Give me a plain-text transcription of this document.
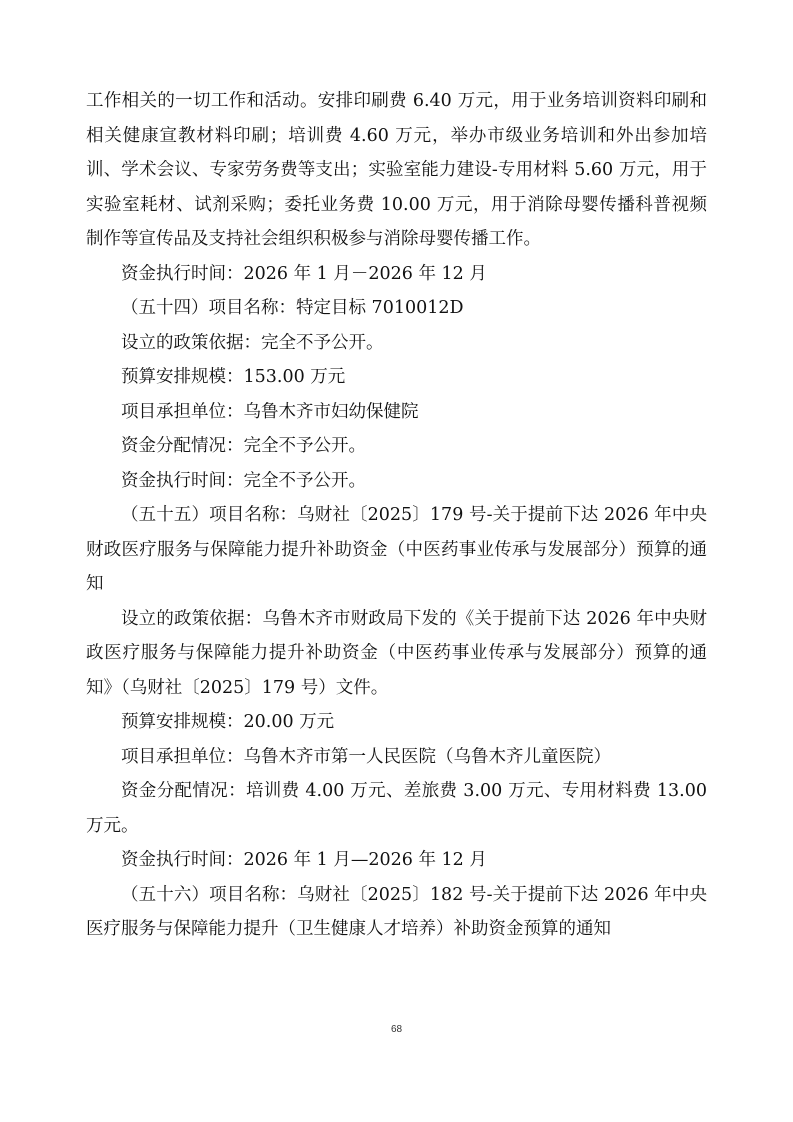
工作相关的一切工作和活动。安排印刷费 6.40 万元，用于业务培训资料印刷和相关健康宣教材料印刷；培训费 4.60 万元，举办市级业务培训和外出参加培训、学术会议、专家劳务费等支出；实验室能力建设-专用材料 5.60 万元，用于实验室耗材、试剂采购；委托业务费 10.00 万元，用于消除母婴传播科普视频制作等宣传品及支持社会组织积极参与消除母婴传播工作。

资金执行时间：2026 年 1 月－2026 年 12 月

（五十四）项目名称：特定目标 7010012D

设立的政策依据：完全不予公开。

预算安排规模：153.00 万元

项目承担单位：乌鲁木齐市妇幼保健院

资金分配情况：完全不予公开。

资金执行时间：完全不予公开。

（五十五）项目名称：乌财社〔2025〕179 号-关于提前下达 2026 年中央财政医疗服务与保障能力提升补助资金（中医药事业传承与发展部分）预算的通知

设立的政策依据：乌鲁木齐市财政局下发的《关于提前下达 2026 年中央财政医疗服务与保障能力提升补助资金（中医药事业传承与发展部分）预算的通知》（乌财社〔2025〕179 号）文件。

预算安排规模：20.00 万元

项目承担单位：乌鲁木齐市第一人民医院（乌鲁木齐儿童医院）

资金分配情况：培训费 4.00 万元、差旅费 3.00 万元、专用材料费 13.00 万元。

资金执行时间：2026 年 1 月—2026 年 12 月

（五十六）项目名称：乌财社〔2025〕182 号-关于提前下达 2026 年中央医疗服务与保障能力提升（卫生健康人才培养）补助资金预算的通知

68
